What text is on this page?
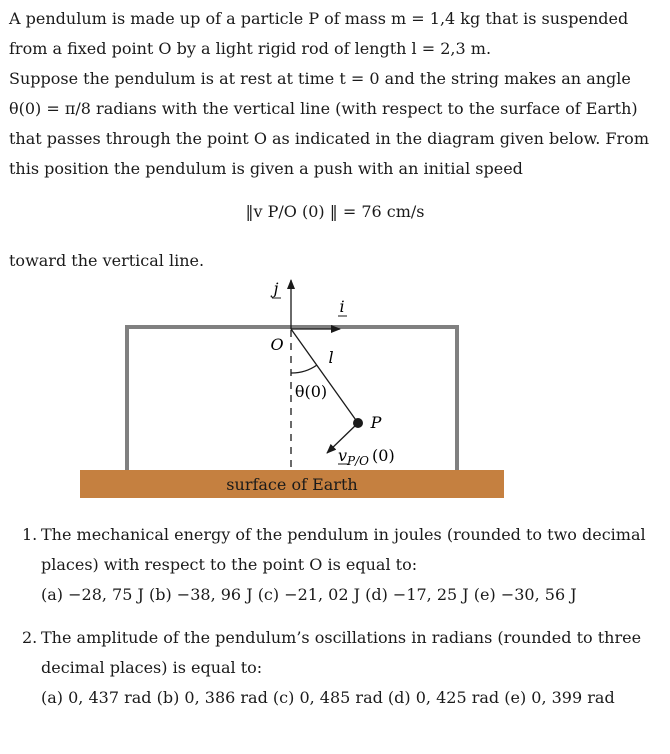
A pendulum is made up of a particle P of mass m = 1,4 kg that is suspended
from a fixed point O by a light rigid rod of length l = 2,3 m.
Suppose the pendulum is at rest at time t = 0 and the string makes an angle
θ(0) = π/8 radians with the vertical line (with respect to the surface of Earth)
that passes through the point O as indicated in the diagram given below. From
this position the pendulum is given a push with an initial speed
‖v P/O (0) ‖ = 76 cm/s
toward the vertical line.
surface of Earth
j
i
O
l
θ(0)
P
$v_{P/O}$ (0)
1. The mechanical energy of the pendulum in joules (rounded to two decimal
places) with respect to the point O is equal to:
(a) −28, 75 J (b) −38, 96 J (c) −21, 02 J (d) −17, 25 J (e) −30, 56 J
2. The amplitude of the pendulum’s oscillations in radians (rounded to three
decimal places) is equal to:
(a) 0, 437 rad (b) 0, 386 rad (c) 0, 485 rad (d) 0, 425 rad (e) 0, 399 rad
